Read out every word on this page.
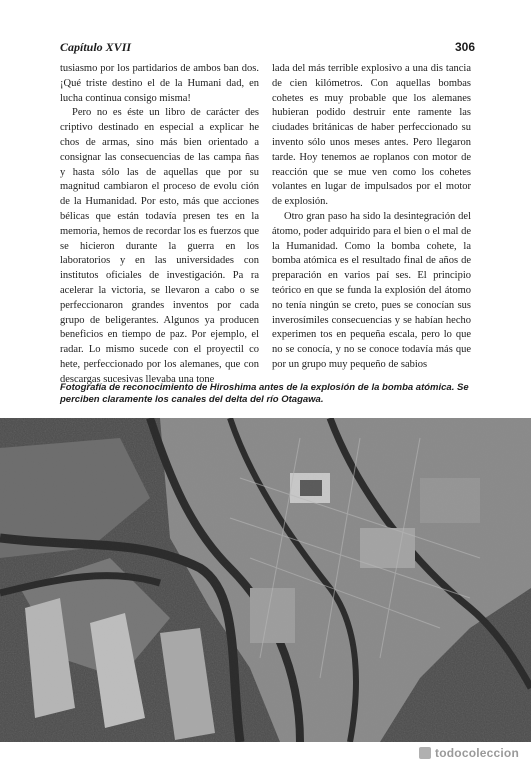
Capítulo XVII	306

tusiasmo por los partidarios de ambos ban dos. ¡Qué triste destino el de la Humani dad, en lucha continua consigo misma!

Pero no es éste un libro de carácter des criptivo destinado en especial a explicar he chos de armas, sino más bien orientado a consignar las consecuencias de las campa ñas y hasta sólo las de aquellas que por su magnitud cambiaron el proceso de evolu ción de la Humanidad. Por esto, más que acciones bélicas que están todavía presen tes en la memoria, hemos de recordar los es fuerzos que se hicieron durante la guerra en los laboratorios y en las universidades con institutos oficiales de investigación. Pa ra acelerar la victoria, se llevaron a cabo o se perfeccionaron grandes inventos por cada grupo de beligerantes. Algunos ya producen beneficios en tiempo de paz. Por ejemplo, el radar. Lo mismo sucede con el proyectil co hete, perfeccionado por los alemanes, que con descargas sucesivas llevaba una tone

lada del más terrible explosivo a una dis tancia de cien kilómetros. Con aquellas bombas cohetes es muy probable que los alemanes hubieran podido destruir ente ramente las ciudades británicas de haber perfeccionado su invento sólo unos meses antes. Pero llegaron tarde. Hoy tenemos ae roplanos con motor de reacción que se mue ven como los cohetes volantes en lugar de impulsados por el motor de explosión.

Otro gran paso ha sido la desintegración del átomo, poder adquirido para el bien o el mal de la Humanidad. Como la bomba cohete, la bomba atómica es el resultado final de años de preparación en varios paí ses. El principio teórico en que se funda la explosión del átomo no tenía ningún se creto, pues se conocían sus inverosímiles consecuencias y se habían hecho experimen tos en pequeña escala, pero lo que no se conocía, y no se conoce todavía más que por un grupo muy pequeño de sabios

Fotografía de reconocimiento de Hiroshima antes de la explosión de la bomba atómica. Se perciben claramente los canales del delta del río Otagawa.
todocoleccion
